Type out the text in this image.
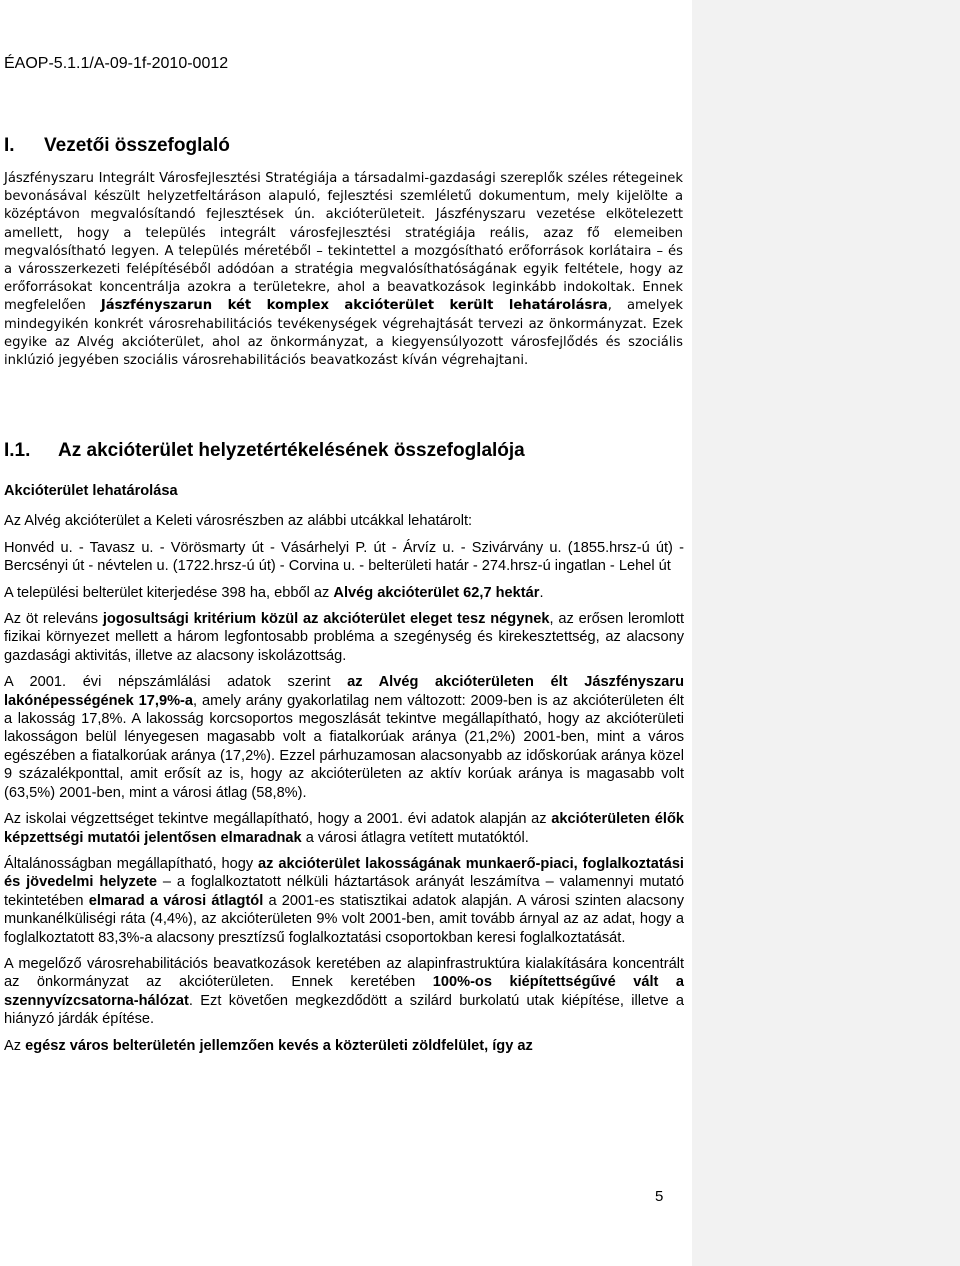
ÉAOP-5.1.1/A-09-1f-2010-0012
I. Vezetői összefoglaló
Jászfényszaru Integrált Városfejlesztési Stratégiája a társadalmi-gazdasági szereplők széles rétegeinek bevonásával készült helyzetfeltáráson alapuló, fejlesztési szemléletű dokumentum, mely kijelölte a középtávon megvalósítandó fejlesztések ún. akcióterületeit. Jászfényszaru vezetése elkötelezett amellett, hogy a település integrált városfejlesztési stratégiája reális, azaz fő elemeiben megvalósítható legyen. A település méretéből – tekintettel a mozgósítható erőforrások korlátaira – és a városszerkezeti felépítéséből adódóan a stratégia megvalósíthatóságának egyik feltétele, hogy az erőforrásokat koncentrálja azokra a területekre, ahol a beavatkozások leginkább indokoltak. Ennek megfelelően Jászfényszarun két komplex akcióterület került lehatárolásra, amelyek mindegyikén konkrét városrehabilitációs tevékenységek végrehajtását tervezi az önkormányzat. Ezek egyike az Alvég akcióterület, ahol az önkormányzat, a kiegyensúlyozott városfejlődés és szociális inklúzió jegyében szociális városrehabilitációs beavatkozást kíván végrehajtani.
I.1. Az akcióterület helyzetértékelésének összefoglalója

Akcióterület lehatárolása

Az Alvég akcióterület a Keleti városrészben az alábbi utcákkal lehatárolt:

Honvéd u. - Tavasz u. - Vörösmarty út - Vásárhelyi P. út - Árvíz u. - Szivárvány u. (1855.hrsz-ú út) - Bercsényi út - névtelen u. (1722.hrsz-ú út) - Corvina u. - belterületi határ - 274.hrsz-ú ingatlan - Lehel út

A települési belterület kiterjedése 398 ha, ebből az Alvég akcióterület 62,7 hektár.

Az öt releváns jogosultsági kritérium közül az akcióterület eleget tesz négynek, az erősen leromlott fizikai környezet mellett a három legfontosabb probléma a szegénység és kirekesztettség, az alacsony gazdasági aktivitás, illetve az alacsony iskolázottság.

A 2001. évi népszámlálási adatok szerint az Alvég akcióterületen élt Jászfényszaru lakónépességének 17,9%-a, amely arány gyakorlatilag nem változott: 2009-ben is az akcióterületen élt a lakosság 17,8%. A lakosság korcsoportos megoszlását tekintve megállapítható, hogy az akcióterületi lakosságon belül lényegesen magasabb volt a fiatalkorúak aránya (21,2%) 2001-ben, mint a város egészében a fiatalkorúak aránya (17,2%). Ezzel párhuzamosan alacsonyabb az időskorúak aránya közel 9 százalékponttal, amit erősít az is, hogy az akcióterületen az aktív korúak aránya is magasabb volt (63,5%) 2001-ben, mint a városi átlag (58,8%).

Az iskolai végzettséget tekintve megállapítható, hogy a 2001. évi adatok alapján az akcióterületen élők képzettségi mutatói jelentősen elmaradnak a városi átlagra vetített mutatóktól.

Általánosságban megállapítható, hogy az akcióterület lakosságának munkaerő-piaci, foglalkoztatási és jövedelmi helyzete – a foglalkoztatott nélküli háztartások arányát leszámítva – valamennyi mutató tekintetében elmarad a városi átlagtól a 2001-es statisztikai adatok alapján. A városi szinten alacsony munkanélküliségi ráta (4,4%), az akcióterületen 9% volt 2001-ben, amit tovább árnyal az az adat, hogy a foglalkoztatott 83,3%-a alacsony presztízsű foglalkoztatási csoportokban keresi foglalkoztatását.

A megelőző városrehabilitációs beavatkozások keretében az alapinfrastruktúra kialakítására koncentrált az önkormányzat az akcióterületen. Ennek keretében 100%-os kiépítettségűvé vált a szennyvízcsatorna-hálózat. Ezt követően megkezdődött a szilárd burkolatú utak kiépítése, illetve a hiányzó járdák építése.

Az egész város belterületén jellemzően kevés a közterületi zöldfelület, így az

5
